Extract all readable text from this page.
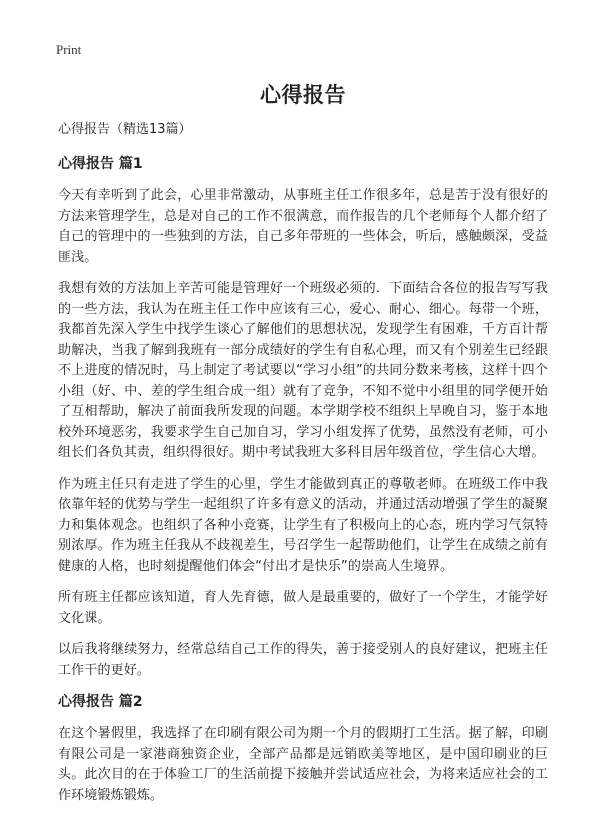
Print
心得报告
心得报告（精选13篇）
心得报告 篇1

今天有幸听到了此会，心里非常激动，从事班主任工作很多年，总是苦于没有很好的方法来管理学生，总是对自己的工作不很满意，而作报告的几个老师每个人都介绍了自己的管理中的一些独到的方法，自己多年带班的一些体会，听后，感触颇深，受益匪浅。

我想有效的方法加上辛苦可能是管理好一个班级必须的．下面结合各位的报告写写我的一些方法，我认为在班主任工作中应该有三心，爱心、耐心、细心。每带一个班，我都首先深入学生中找学生谈心了解他们的思想状况，发现学生有困难，千方百计帮助解决，当我了解到我班有一部分成绩好的学生有自私心理，而又有个别差生已经跟不上进度的情况时，马上制定了考试要以“学习小组”的共同分数来考核，这样十四个小组（好、中、差的学生组合成一组）就有了竞争，不知不觉中小组里的同学便开始了互相帮助，解决了前面我所发现的问题。本学期学校不组织上早晚自习，鉴于本地校外环境恶劣，我要求学生自己加自习，学习小组发挥了优势，虽然没有老师，可小组长们各负其责，组织得很好。期中考试我班大多科目居年级首位，学生信心大增。

作为班主任只有走进了学生的心里，学生才能做到真正的尊敬老师。在班级工作中我依靠年轻的优势与学生一起组织了许多有意义的活动，并通过活动增强了学生的凝聚力和集体观念。也组织了各种小竞赛，让学生有了积极向上的心态，班内学习气氛特别浓厚。作为班主任我从不歧视差生，号召学生一起帮助他们，让学生在成绩之前有健康的人格，也时刻提醒他们体会“付出才是快乐”的崇高人生境界。

所有班主任都应该知道，育人先育德，做人是最重要的，做好了一个学生，才能学好文化课。

以后我将继续努力，经常总结自己工作的得失，善于接受别人的良好建议，把班主任工作干的更好。

心得报告 篇2

在这个暑假里，我选择了在印刷有限公司为期一个月的假期打工生活。据了解，印刷有限公司是一家港商独资企业，全部产品都是远销欧美等地区，是中国印刷业的巨头。此次目的在于体验工厂的生活前提下接触并尝试适应社会，为将来适应社会的工作环境锻炼锻炼。
